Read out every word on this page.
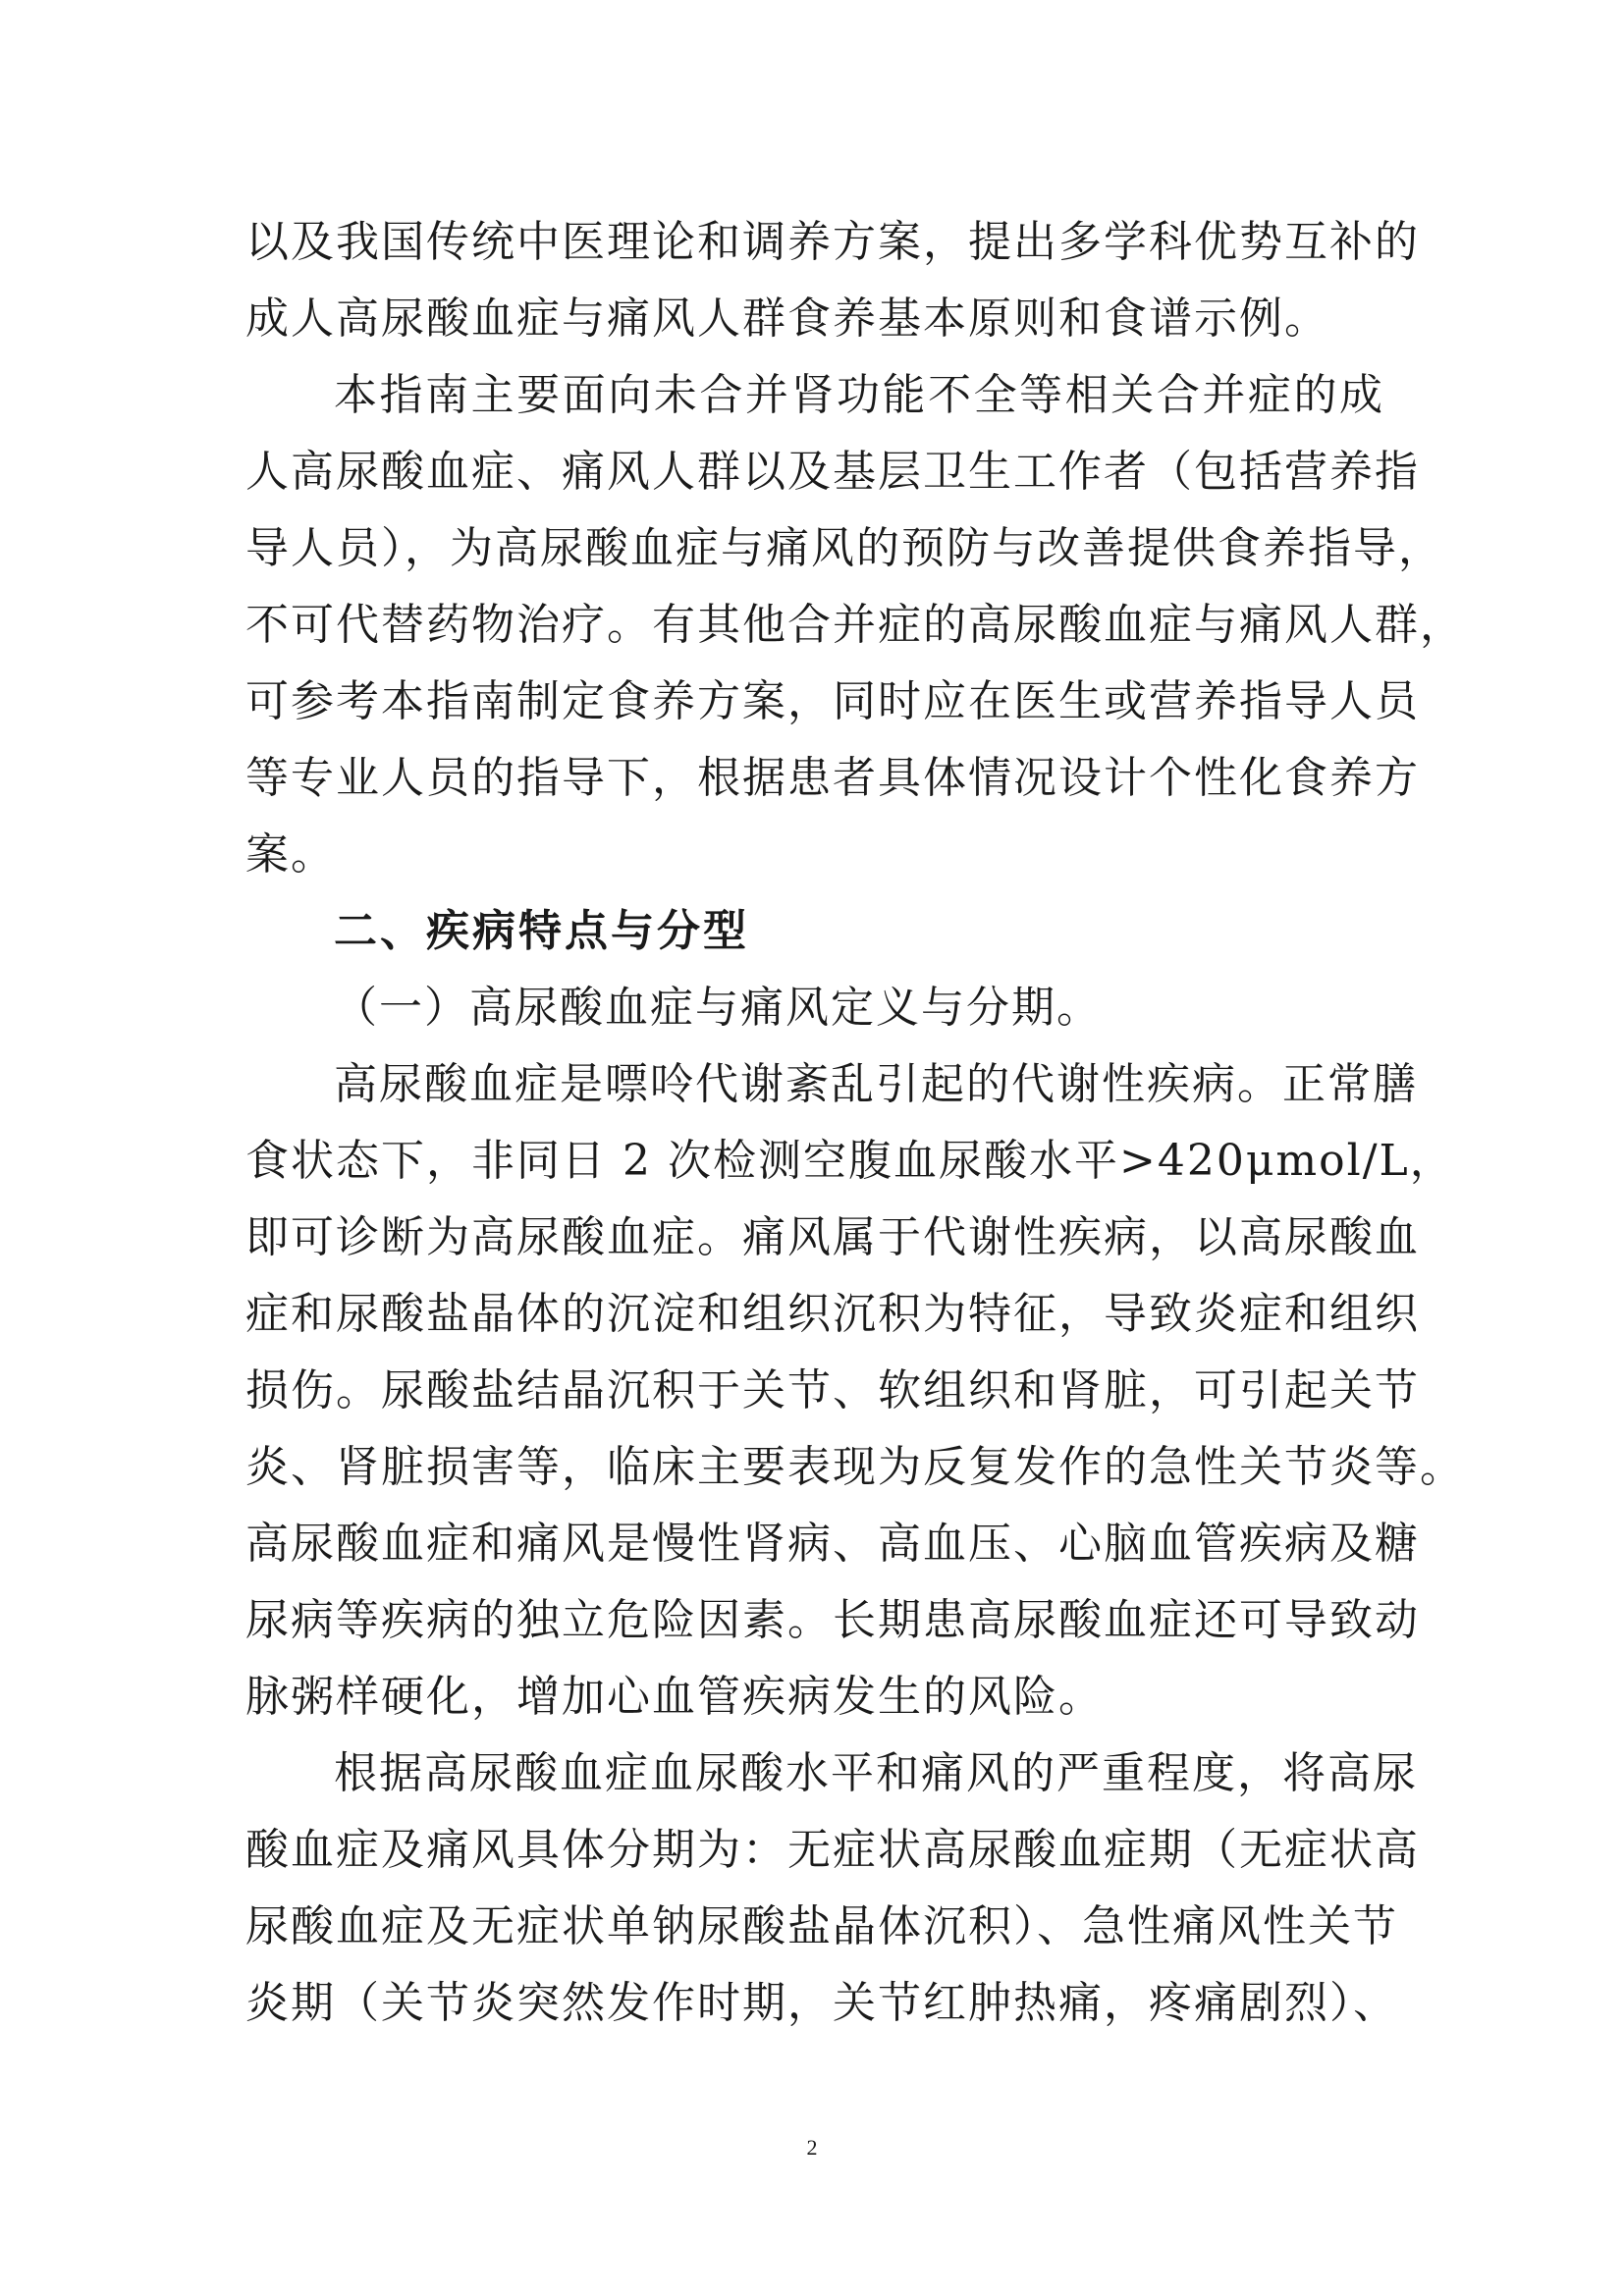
以及我国传统中医理论和调养方案，提出多学科优势互补的
成人高尿酸血症与痛风人群食养基本原则和食谱示例。
本指南主要面向未合并肾功能不全等相关合并症的成
人高尿酸血症、痛风人群以及基层卫生工作者（包括营养指
导人员），为高尿酸血症与痛风的预防与改善提供食养指导，
不可代替药物治疗。有其他合并症的高尿酸血症与痛风人群，
可参考本指南制定食养方案，同时应在医生或营养指导人员
等专业人员的指导下，根据患者具体情况设计个性化食养方
案。
二、疾病特点与分型
（一）高尿酸血症与痛风定义与分期。
高尿酸血症是嘌呤代谢紊乱引起的代谢性疾病。正常膳
食状态下，非同日 2 次检测空腹血尿酸水平>420μmol/L，
即可诊断为高尿酸血症。痛风属于代谢性疾病，以高尿酸血
症和尿酸盐晶体的沉淀和组织沉积为特征，导致炎症和组织
损伤。尿酸盐结晶沉积于关节、软组织和肾脏，可引起关节
炎、肾脏损害等，临床主要表现为反复发作的急性关节炎等。
高尿酸血症和痛风是慢性肾病、高血压、心脑血管疾病及糖
尿病等疾病的独立危险因素。长期患高尿酸血症还可导致动
脉粥样硬化，增加心血管疾病发生的风险。
根据高尿酸血症血尿酸水平和痛风的严重程度，将高尿
酸血症及痛风具体分期为：无症状高尿酸血症期（无症状高
尿酸血症及无症状单钠尿酸盐晶体沉积）、急性痛风性关节
炎期（关节炎突然发作时期，关节红肿热痛，疼痛剧烈）、
2
